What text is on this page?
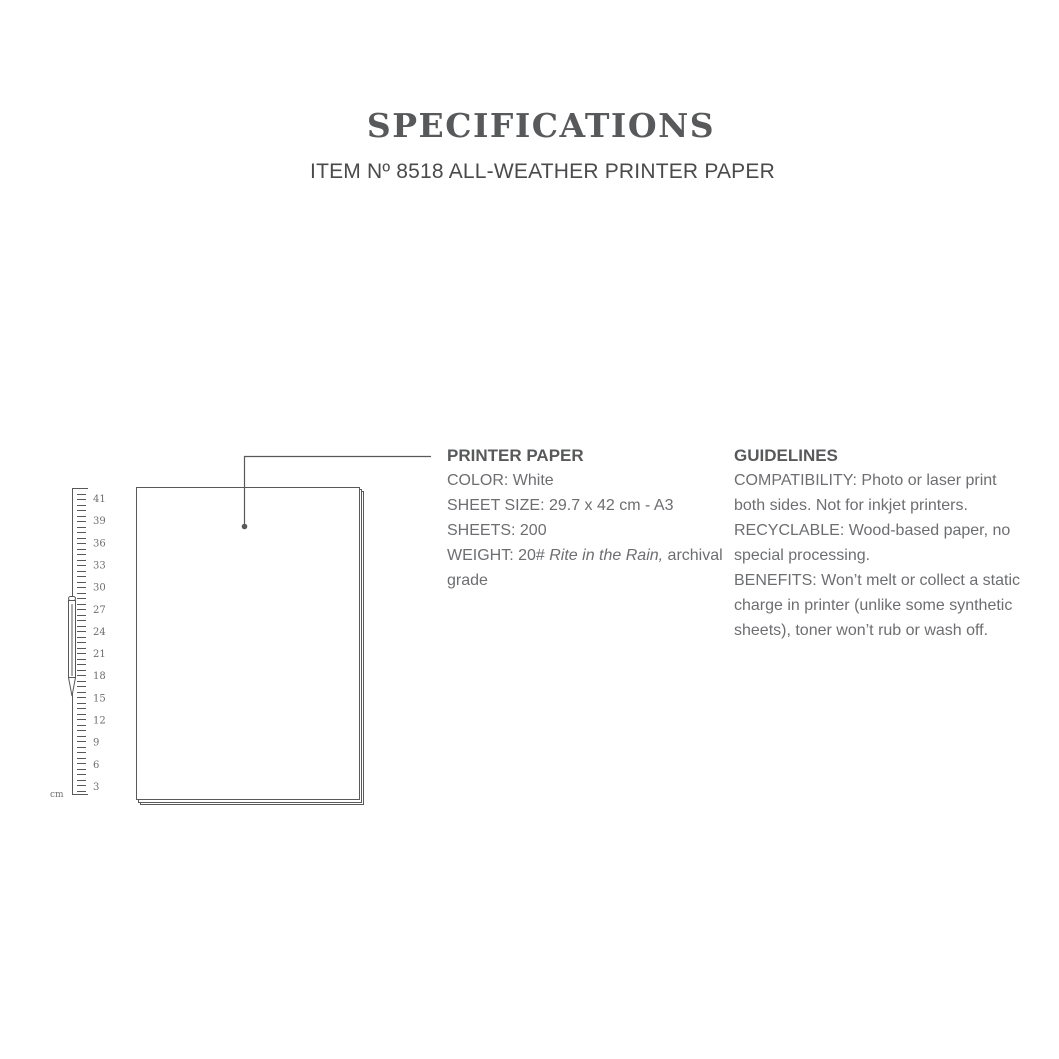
SPECIFICATIONS
ITEM Nº 8518 ALL-WEATHER PRINTER PAPER
41
39
36
33
30
27
24
21
18
15
12
9
6
3
cm

PRINTER PAPER

COLOR: White

SHEET SIZE: 29.7 x 42 cm - A3

SHEETS: 200

WEIGHT: 20# Rite in the Rain, archival grade

GUIDELINES

COMPATIBILITY: Photo or laser print both sides. Not for inkjet printers.

RECYCLABLE: Wood-based paper, no special processing.

BENEFITS: Won’t melt or collect a static charge in printer (unlike some synthetic sheets), toner won’t rub or wash off.
